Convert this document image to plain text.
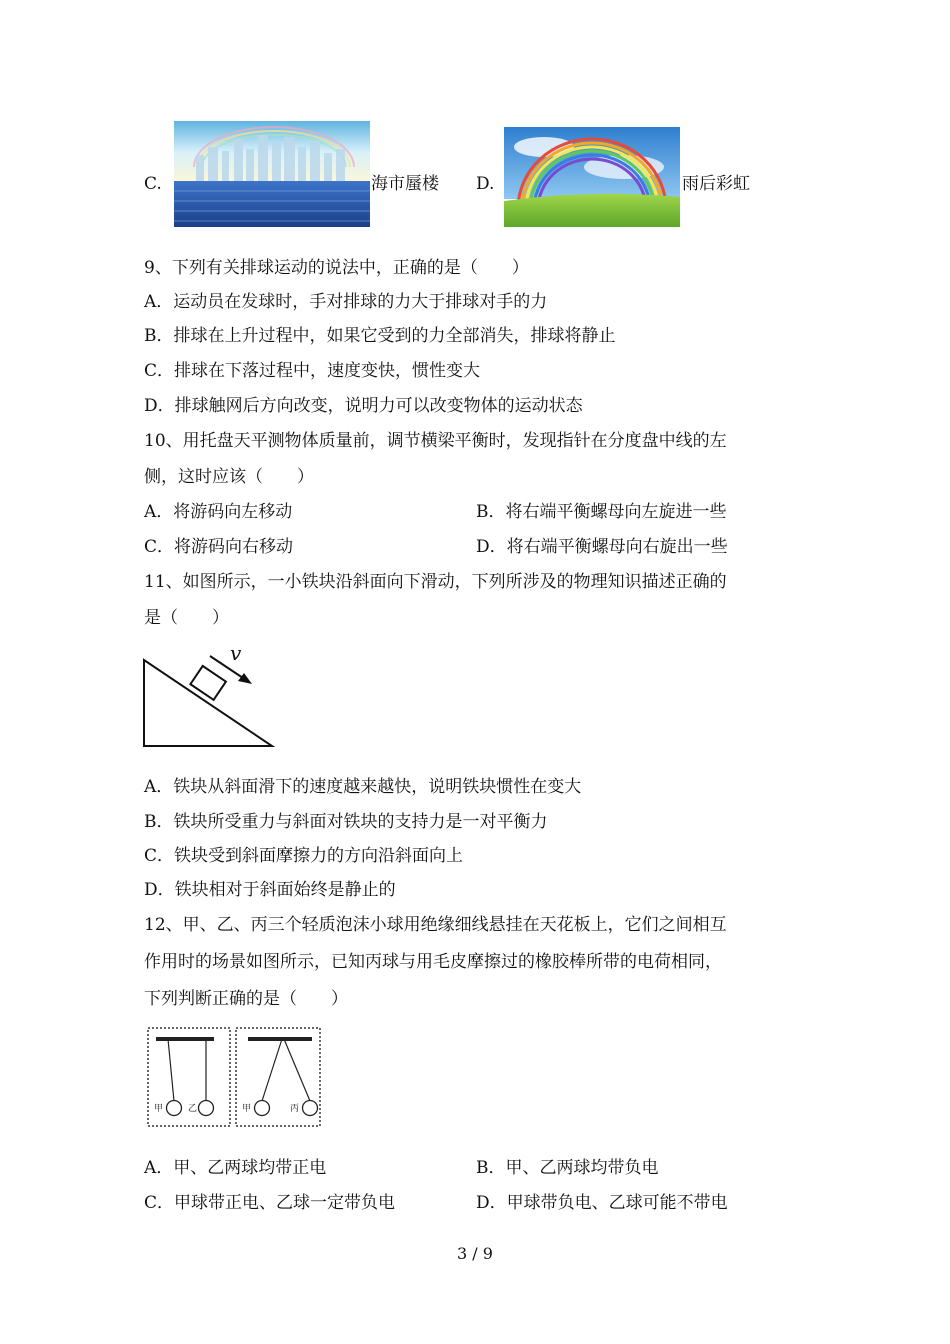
C.	海市蜃楼 D.	雨后彩虹
9、下列有关排球运动的说法中，正确的是（　　）
A．运动员在发球时，手对排球的力大于排球对手的力
B．排球在上升过程中，如果它受到的力全部消失，排球将静止
C．排球在下落过程中，速度变快，惯性变大
D．排球触网后方向改变，说明力可以改变物体的运动状态
10、用托盘天平测物体质量前，调节横梁平衡时，发现指针在分度盘中线的左
侧，这时应该（　　）
A．将游码向左移动	B．将右端平衡螺母向左旋进一些
C．将游码向右移动	D．将右端平衡螺母向右旋出一些
11、如图所示，一小铁块沿斜面向下滑动，下列所涉及的物理知识描述正确的
是（　　）
v
A．铁块从斜面滑下的速度越来越快，说明铁块惯性在变大
B．铁块所受重力与斜面对铁块的支持力是一对平衡力
C．铁块受到斜面摩擦力的方向沿斜面向上
D．铁块相对于斜面始终是静止的
12、甲、乙、丙三个轻质泡沫小球用绝缘细线悬挂在天花板上，它们之间相互
作用时的场景如图所示，已知丙球与用毛皮摩擦过的橡胶棒所带的电荷相同，
下列判断正确的是（　　）
甲	乙	甲	丙
A．甲、乙两球均带正电	B．甲、乙两球均带负电
C．甲球带正电、乙球一定带负电	D．甲球带负电、乙球可能不带电
3 / 9
